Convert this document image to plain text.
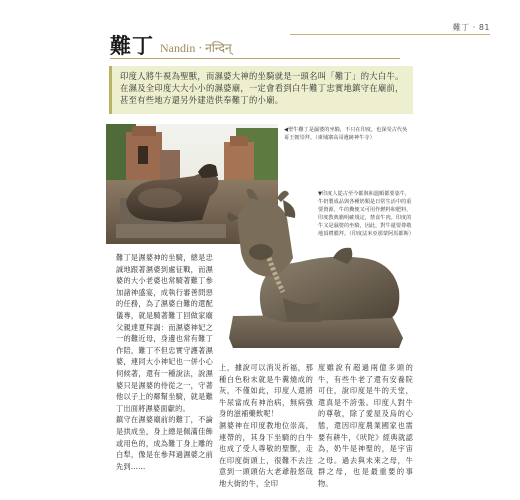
難丁 ‧ 81
難丁 Nandin ‧ नन्दिन्
印度人將牛視為聖獸，而濕婆大神的坐騎就是一頭名叫「難丁」的大白牛。在濕及全印度大大小小的濕婆廟，一定會看到白牛難丁忠實地鎮守在廟前，甚至有些地方還另外建造供奉難丁的小廟。
◀聖牛難丁是濕婆的坐騎，不只在印度，也深受古代吳哥王朝崇拜。（柬埔寨高哥遺跡神牛寺）
▼印度人從古至今都與和溫順都要靠牛，牛奶製成品與各種奶類是日常生活中的重要資源，牛的糞便又可用作燃料和肥料，印度教典籍明確規定，禁食牛肉。印度的牛又是濕婆的坐騎，因此，對牛還要尊敬地頂禮膜拜。（印度法米亞那蒙阿馬都斯）

難丁是濕婆神的坐騎，總是忠誠地跟著濕婆到處征戰，而濕婆的大小老婆也常騎著難丁參加諸神盛宴，成執行審善問惡的任務，為了濕婆白難的還配儀專，就是騎著難丁回做家廟父親達夏拜謁：而濕婆神妃之一的難近母，身邊也常有難丁作陪，難丁不但忠實守護著濕婆，連同大小神妃也一併小心伺候著，還有一種說法，說濕婆只是濕婆的侍從之一，守著他以子上的鄰幫坐騎，就是難丁出面將濕婆面獻的。

鎮守在濕婆廟前的難丁，不論是拱成坐，身上總是佩滿佳飾或用色的，成為難丁身上雕的白犁，像是在參拜過濕婆之前先到……

上，據說可以消災祈福，那種白色粉末就是牛糞燒成的灰，不僅如此，印度人還將牛尿當成有神治病，無病強身的滋補藥飲呢！

濕婆神在印度教地位崇高，連帶的，其身下坐騎的白牛也成了受人尊敬的聖獸，走在印度街頭上，很難不去注意到一頭頭佔大老爺般悠哉地大街的牛，全印

度雖說有超過兩億多頭的牛，有些牛老了還有安養院可住，說印度是牛的天堂，還真是不誇張。印度人對牛的尊敬，除了愛屋及烏的心態，還因印度農業國家也需要有耕牛，《吠陀》經典就認為，奶牛是神聖的，是宇宙之母。過去與未來之母，牛群之母，也是最重要的事物。
